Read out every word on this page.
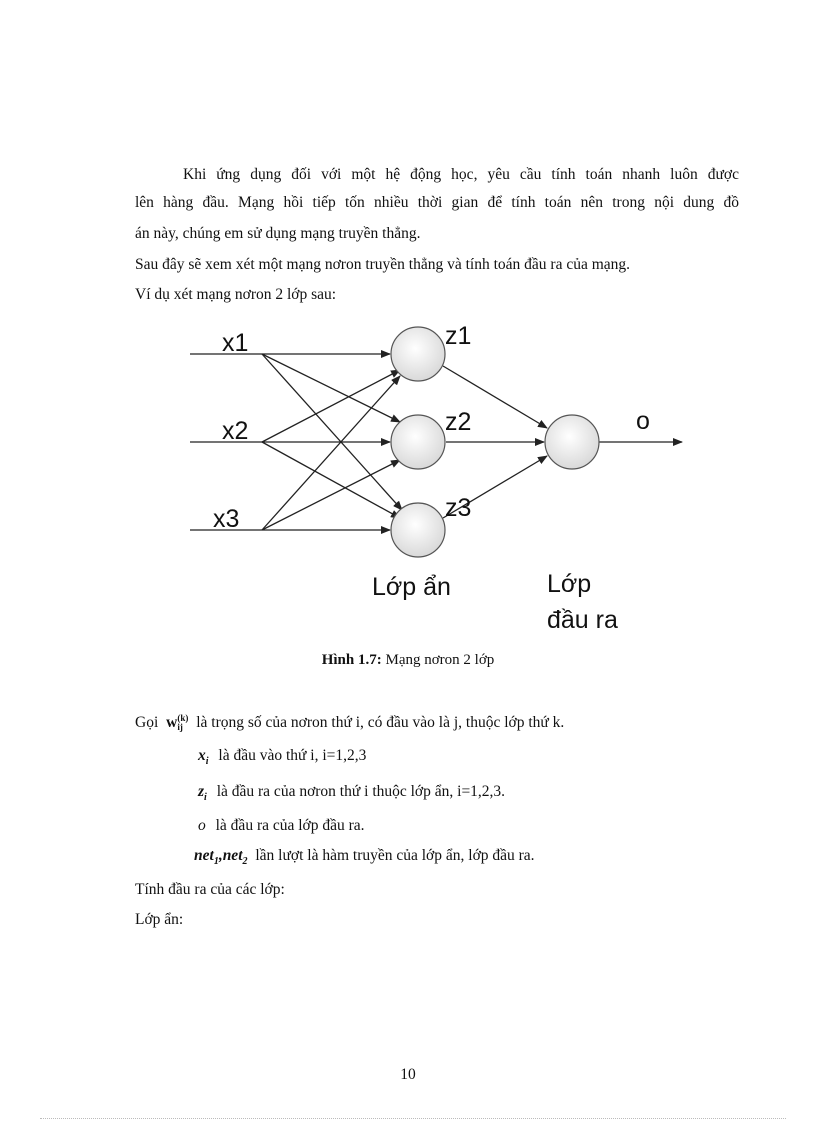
Khi ứng dụng đối với một hệ động học, yêu cầu tính toán nhanh luôn được
lên hàng đầu. Mạng hồi tiếp tốn nhiều thời gian để tính toán nên trong nội dung đồ
án này, chúng em sử dụng mạng truyền thẳng.
Sau đây sẽ xem xét một mạng nơron truyền thẳng và tính toán đầu ra của mạng.
Ví dụ xét mạng nơron 2 lớp sau:
x1
x2
x3
z1
z2
z3
o
Lớp ẩn	Lớp
đầu ra
Hình 1.7: Mạng nơron 2 lớp
Gọi w (k)
ij là trọng số của nơron thứ i, có đầu vào là j, thuộc lớp thứ k.
$x_i$ là đầu vào thứ i, i=1,2,3
$z_i$ là đầu ra của nơron thứ i thuộc lớp ẩn, i=1,2,3.
o là đầu ra của lớp đầu ra.
net$_1$,net$_2$ lần lượt là hàm truyền của lớp ẩn, lớp đầu ra.
Tính đầu ra của các lớp:
Lớp ẩn:
10
